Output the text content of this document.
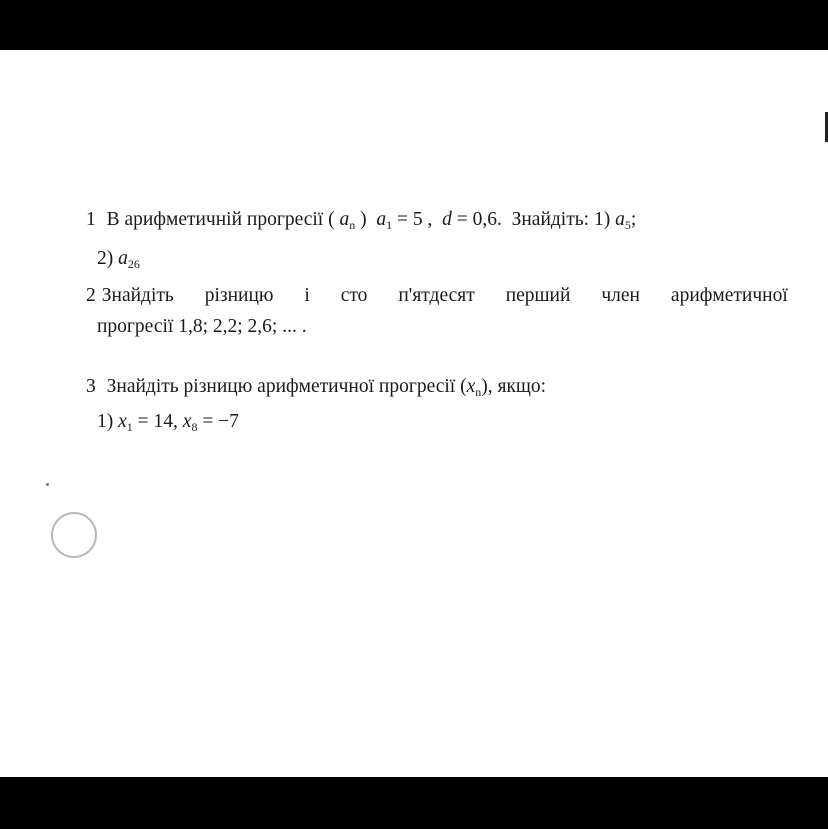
1 В арифметичній прогресії ( $a_n$ ) $a_1 = 5$ , d = 0,6. Знайдіть: 1) $a_5$;
2) $a_{26}$
2 Знайдіть різницю і сто п'ятдесят перший член арифметичної
прогресії 1,8; 2,2; 2,6; ... .
3 Знайдіть різницю арифметичної прогресії $(x_n)$, якщо:
1) $x_1 = 14$, $x_8 = -7$
